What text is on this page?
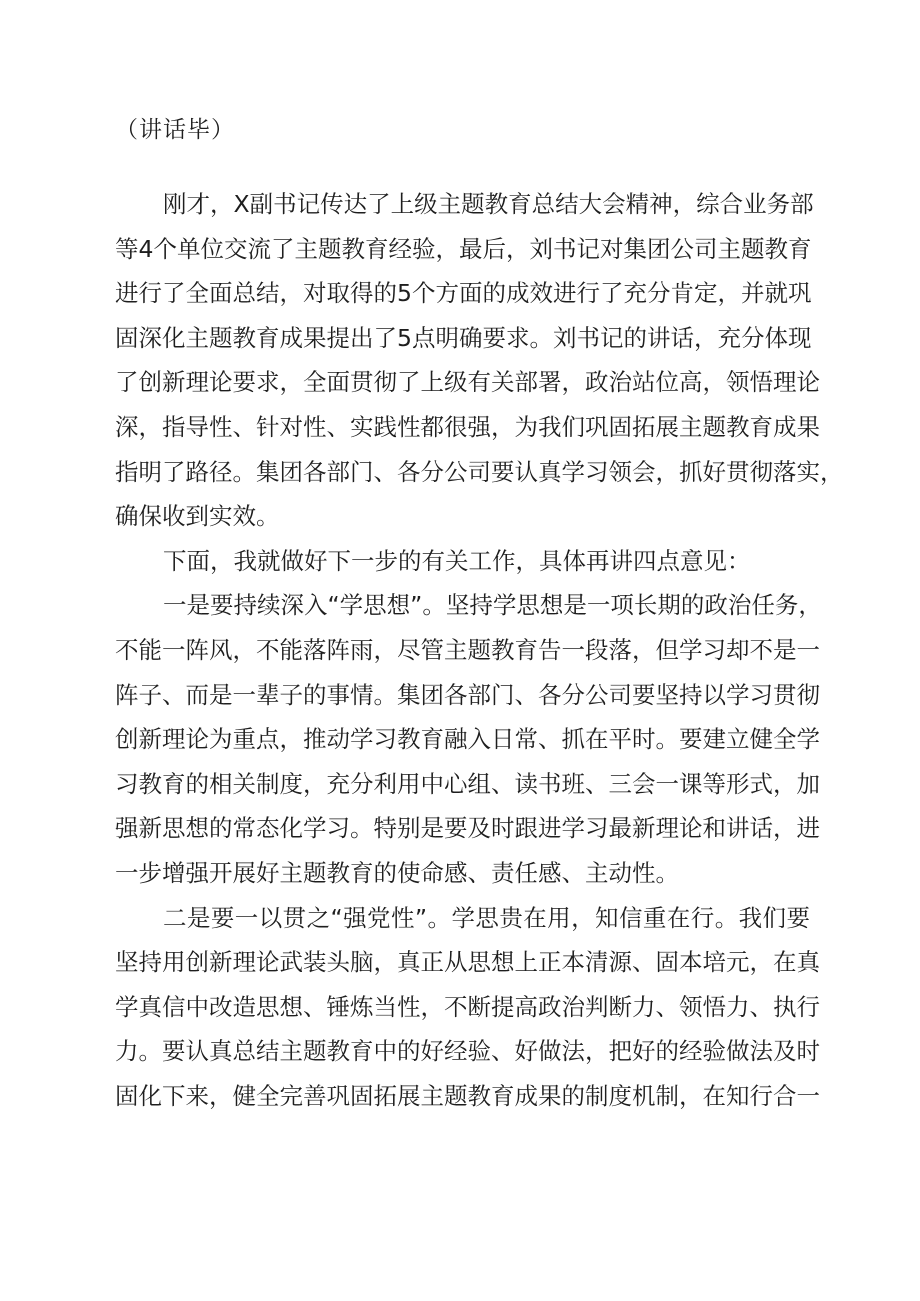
（讲话毕）
刚才，X副书记传达了上级主题教育总结大会精神，综合业务部
等4个单位交流了主题教育经验，最后，刘书记对集团公司主题教育
进行了全面总结，对取得的5个方面的成效进行了充分肯定，并就巩
固深化主题教育成果提出了5点明确要求。刘书记的讲话，充分体现
了创新理论要求，全面贯彻了上级有关部署，政治站位高，领悟理论
深，指导性、针对性、实践性都很强，为我们巩固拓展主题教育成果
指明了路径。集团各部门、各分公司要认真学习领会，抓好贯彻落实，
确保收到实效。
下面，我就做好下一步的有关工作，具体再讲四点意见：
一是要持续深入“学思想”。坚持学思想是一项长期的政治任务，
不能一阵风，不能落阵雨，尽管主题教育告一段落，但学习却不是一
阵子、而是一辈子的事情。集团各部门、各分公司要坚持以学习贯彻
创新理论为重点，推动学习教育融入日常、抓在平时。要建立健全学
习教育的相关制度，充分利用中心组、读书班、三会一课等形式，加
强新思想的常态化学习。特别是要及时跟进学习最新理论和讲话，进
一步增强开展好主题教育的使命感、责任感、主动性。
二是要一以贯之“强党性”。学思贵在用，知信重在行。我们要
坚持用创新理论武装头脑，真正从思想上正本清源、固本培元，在真
学真信中改造思想、锤炼当性，不断提高政治判断力、领悟力、执行
力。要认真总结主题教育中的好经验、好做法，把好的经验做法及时
固化下来，健全完善巩固拓展主题教育成果的制度机制，在知行合一
